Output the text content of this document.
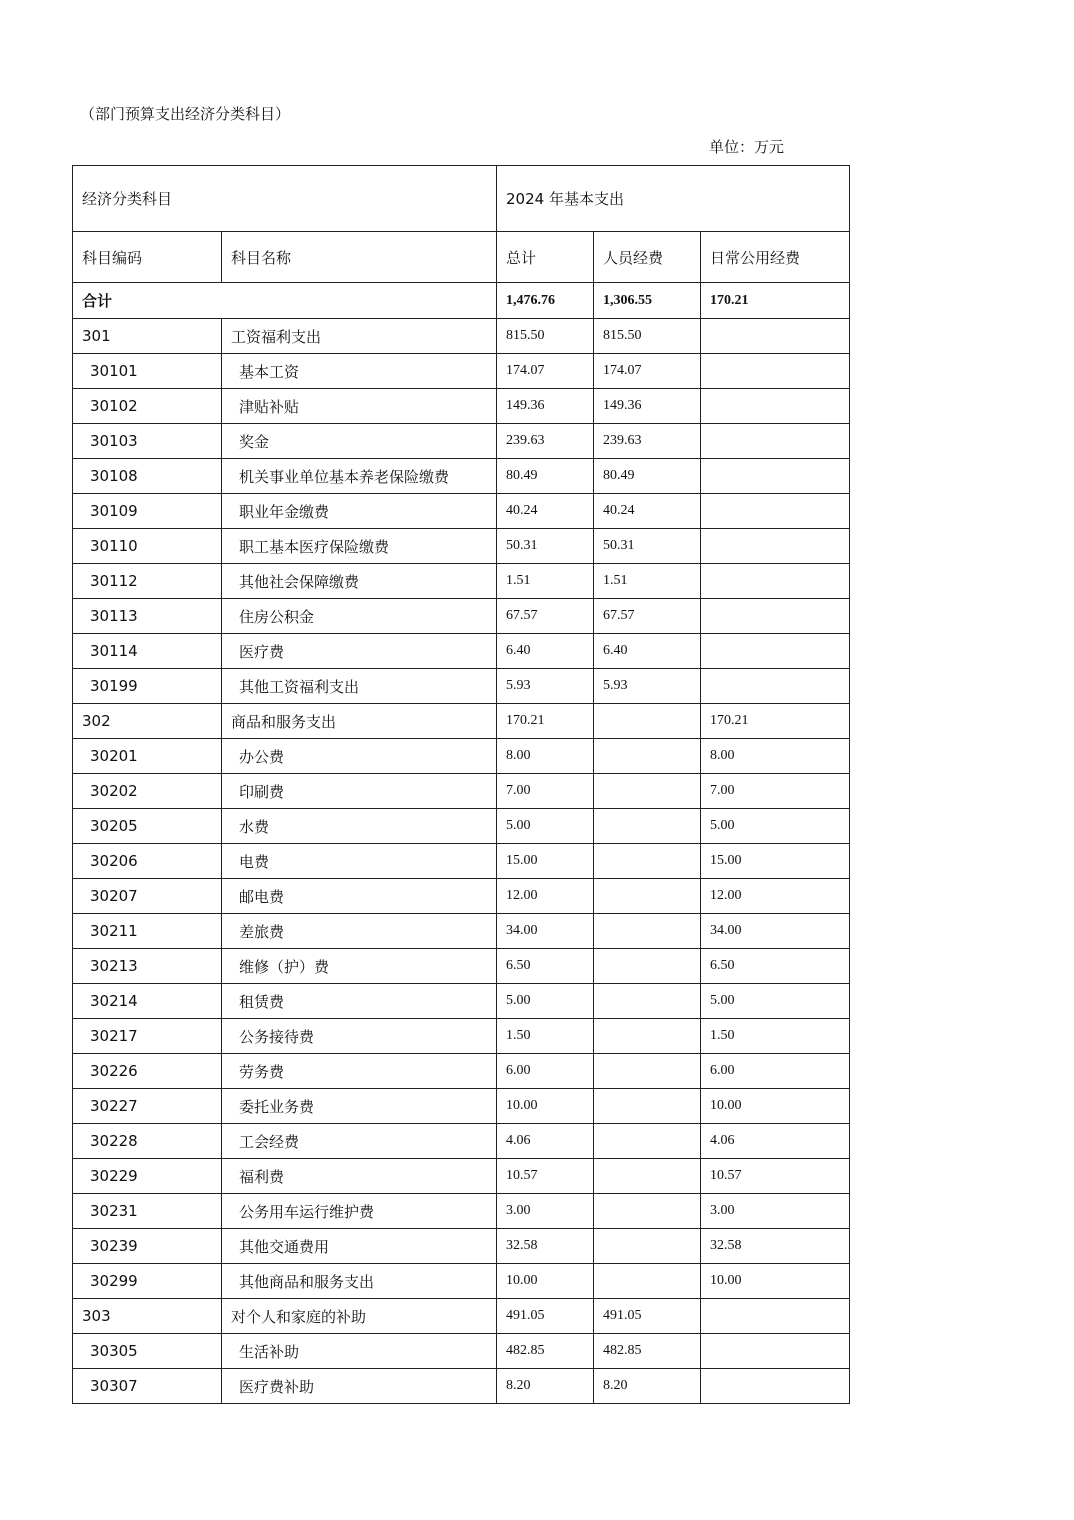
（部门预算支出经济分类科目）
单位：万元
经济分类科目		2024 年基本支出		
科目编码	科目名称	总计	人员经费	日常公用经费
合计		1,476.76	1,306.55	170.21
301	工资福利支出	815.50	815.50	
30101	基本工资	174.07	174.07	
30102	津贴补贴	149.36	149.36	
30103	奖金	239.63	239.63	
30108	机关事业单位基本养老保险缴费	80.49	80.49	
30109	职业年金缴费	40.24	40.24	
30110	职工基本医疗保险缴费	50.31	50.31	
30112	其他社会保障缴费	1.51	1.51	
30113	住房公积金	67.57	67.57	
30114	医疗费	6.40	6.40	
30199	其他工资福利支出	5.93	5.93	
302	商品和服务支出	170.21		170.21
30201	办公费	8.00		8.00
30202	印刷费	7.00		7.00
30205	水费	5.00		5.00
30206	电费	15.00		15.00
30207	邮电费	12.00		12.00
30211	差旅费	34.00		34.00
30213	维修（护）费	6.50		6.50
30214	租赁费	5.00		5.00
30217	公务接待费	1.50		1.50
30226	劳务费	6.00		6.00
30227	委托业务费	10.00		10.00
30228	工会经费	4.06		4.06
30229	福利费	10.57		10.57
30231	公务用车运行维护费	3.00		3.00
30239	其他交通费用	32.58		32.58
30299	其他商品和服务支出	10.00		10.00
303	对个人和家庭的补助	491.05	491.05	
30305	生活补助	482.85	482.85	
30307	医疗费补助	8.20	8.20	
